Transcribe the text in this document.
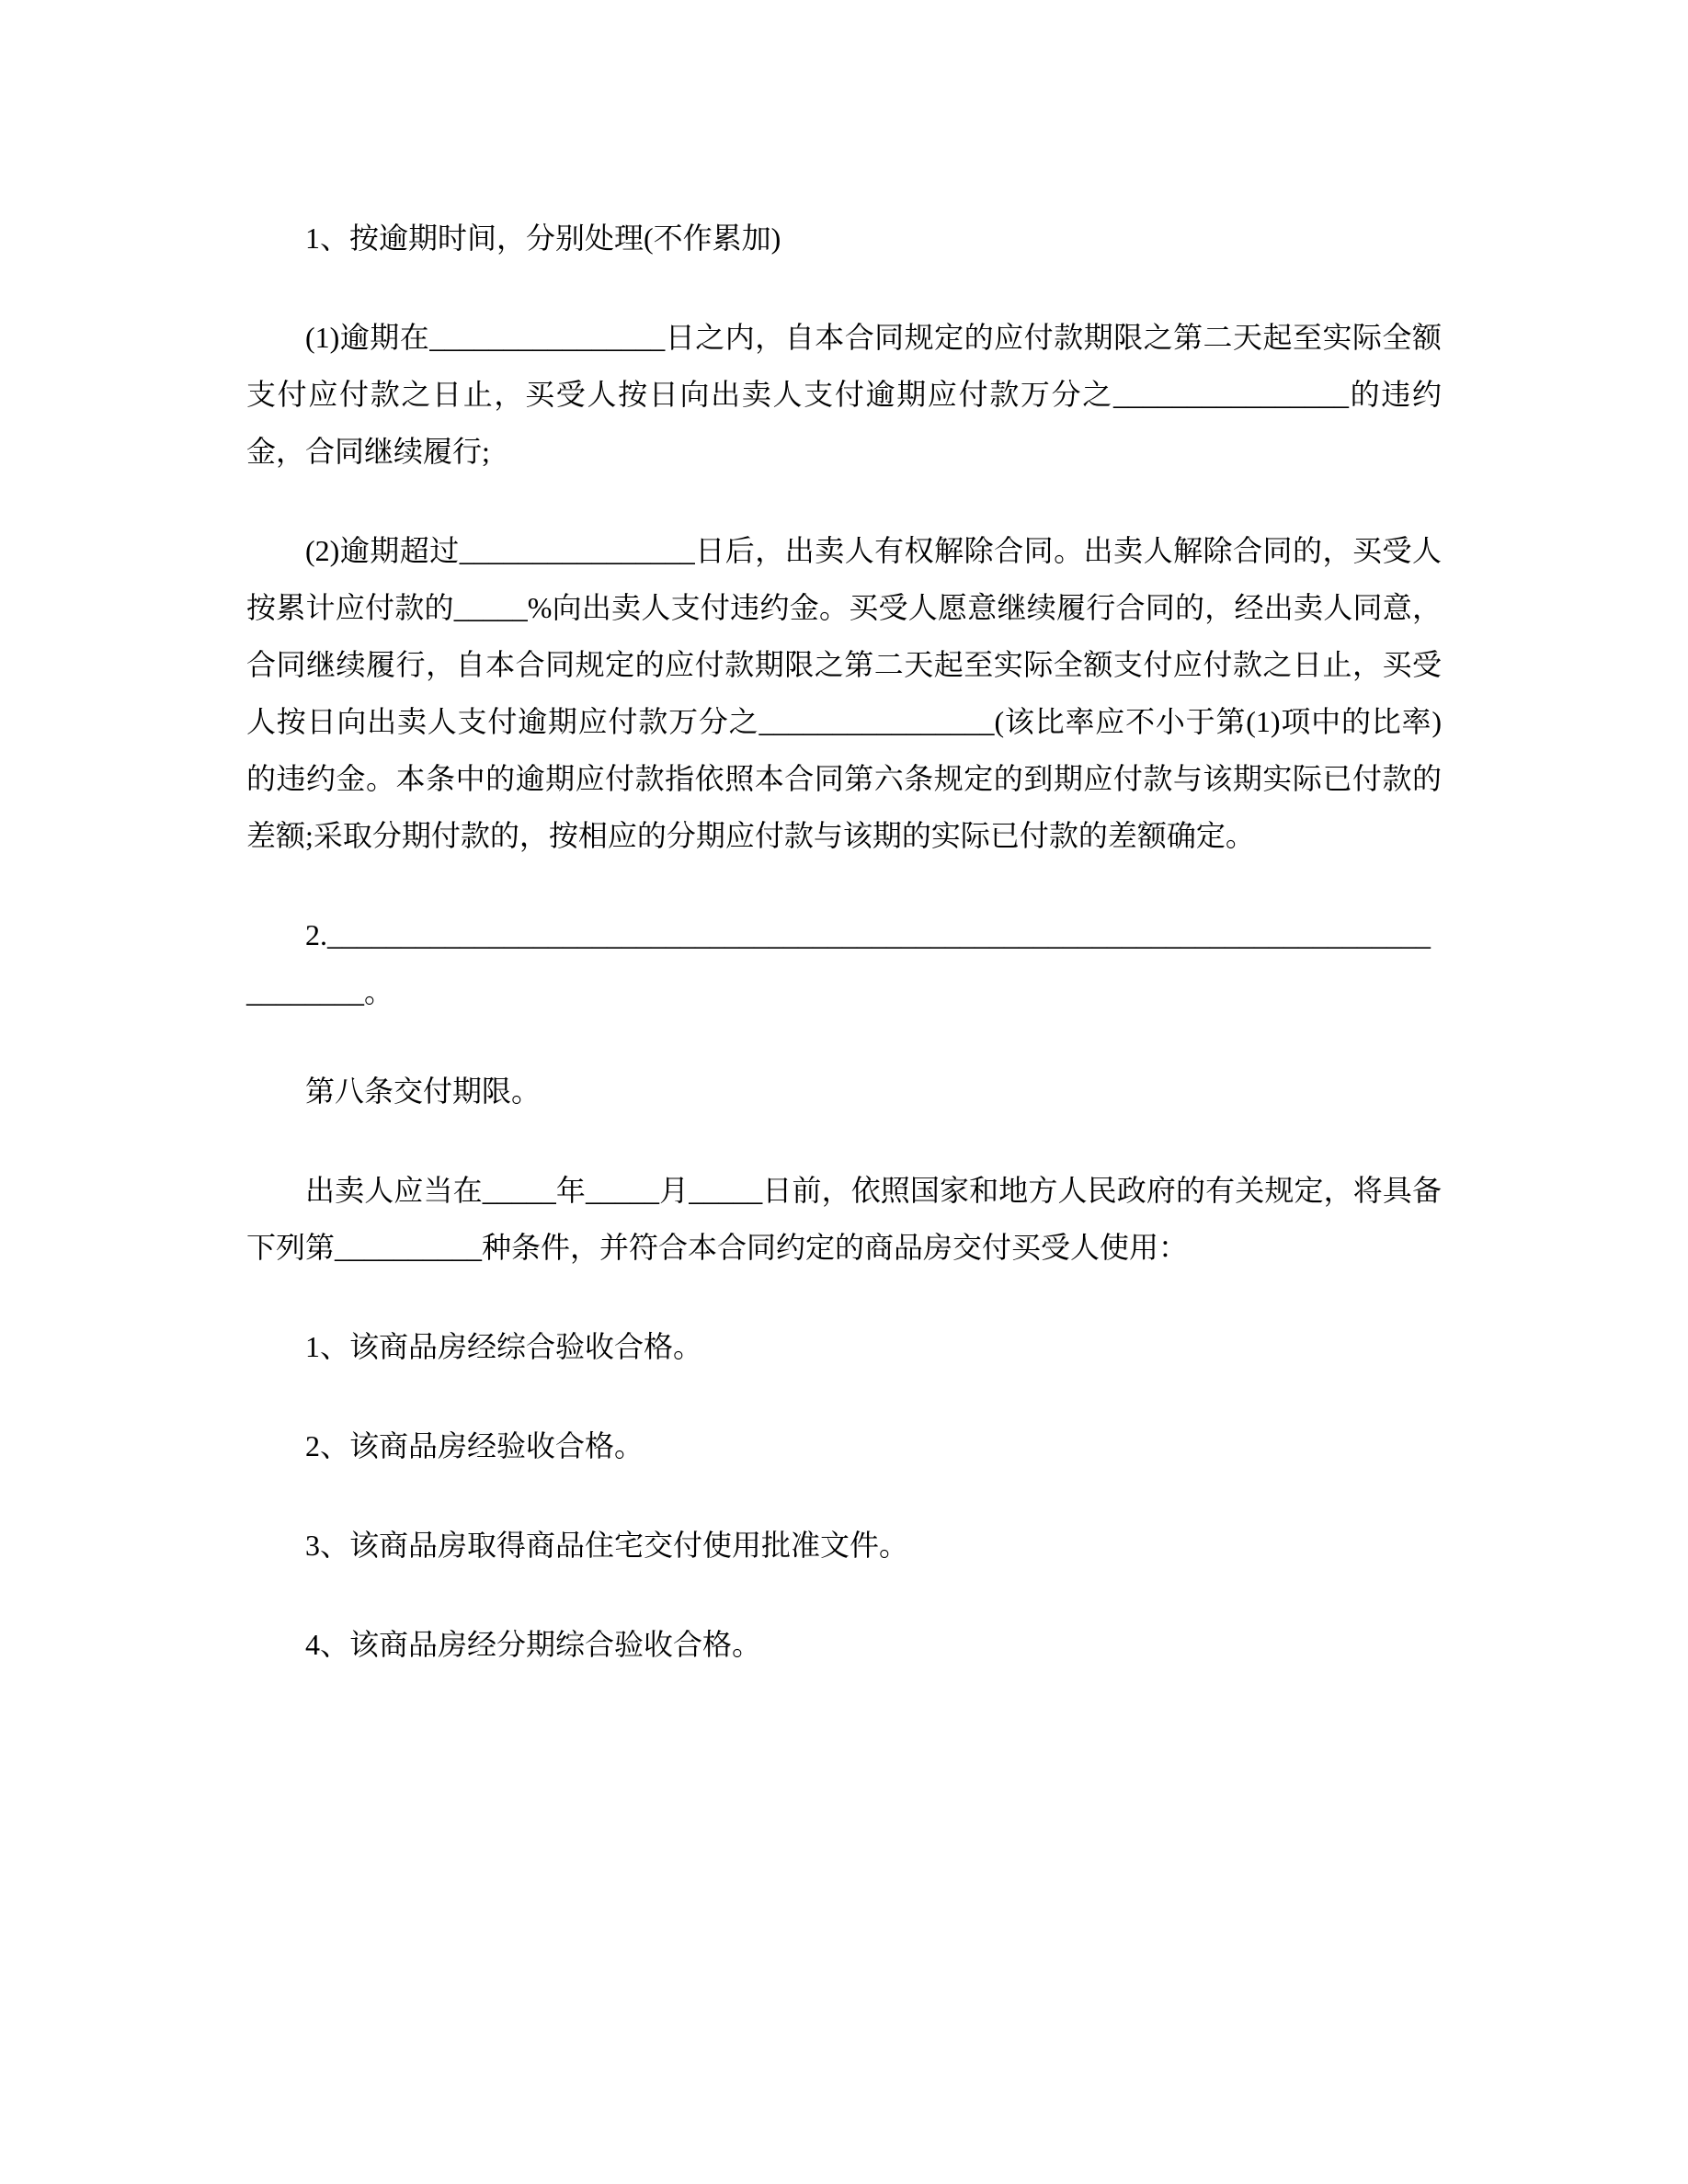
1、按逾期时间，分别处理(不作累加)

(1)逾期在________________日之内，自本合同规定的应付款期限之第二天起至实际全额支付应付款之日止，买受人按日向出卖人支付逾期应付款万分之________________的违约金，合同继续履行;

(2)逾期超过________________日后，出卖人有权解除合同。出卖人解除合同的，买受人按累计应付款的_____%向出卖人支付违约金。买受人愿意继续履行合同的，经出卖人同意，合同继续履行，自本合同规定的应付款期限之第二天起至实际全额支付应付款之日止，买受人按日向出卖人支付逾期应付款万分之________________(该比率应不小于第(1)项中的比率)的违约金。本条中的逾期应付款指依照本合同第六条规定的到期应付款与该期实际已付款的差额;采取分期付款的，按相应的分期应付款与该期的实际已付款的差额确定。

2.___________________________________________________________________________________。

第八条交付期限。

出卖人应当在_____年_____月_____日前，依照国家和地方人民政府的有关规定，将具备下列第__________种条件，并符合本合同约定的商品房交付买受人使用：

1、该商品房经综合验收合格。

2、该商品房经验收合格。

3、该商品房取得商品住宅交付使用批准文件。

4、该商品房经分期综合验收合格。
